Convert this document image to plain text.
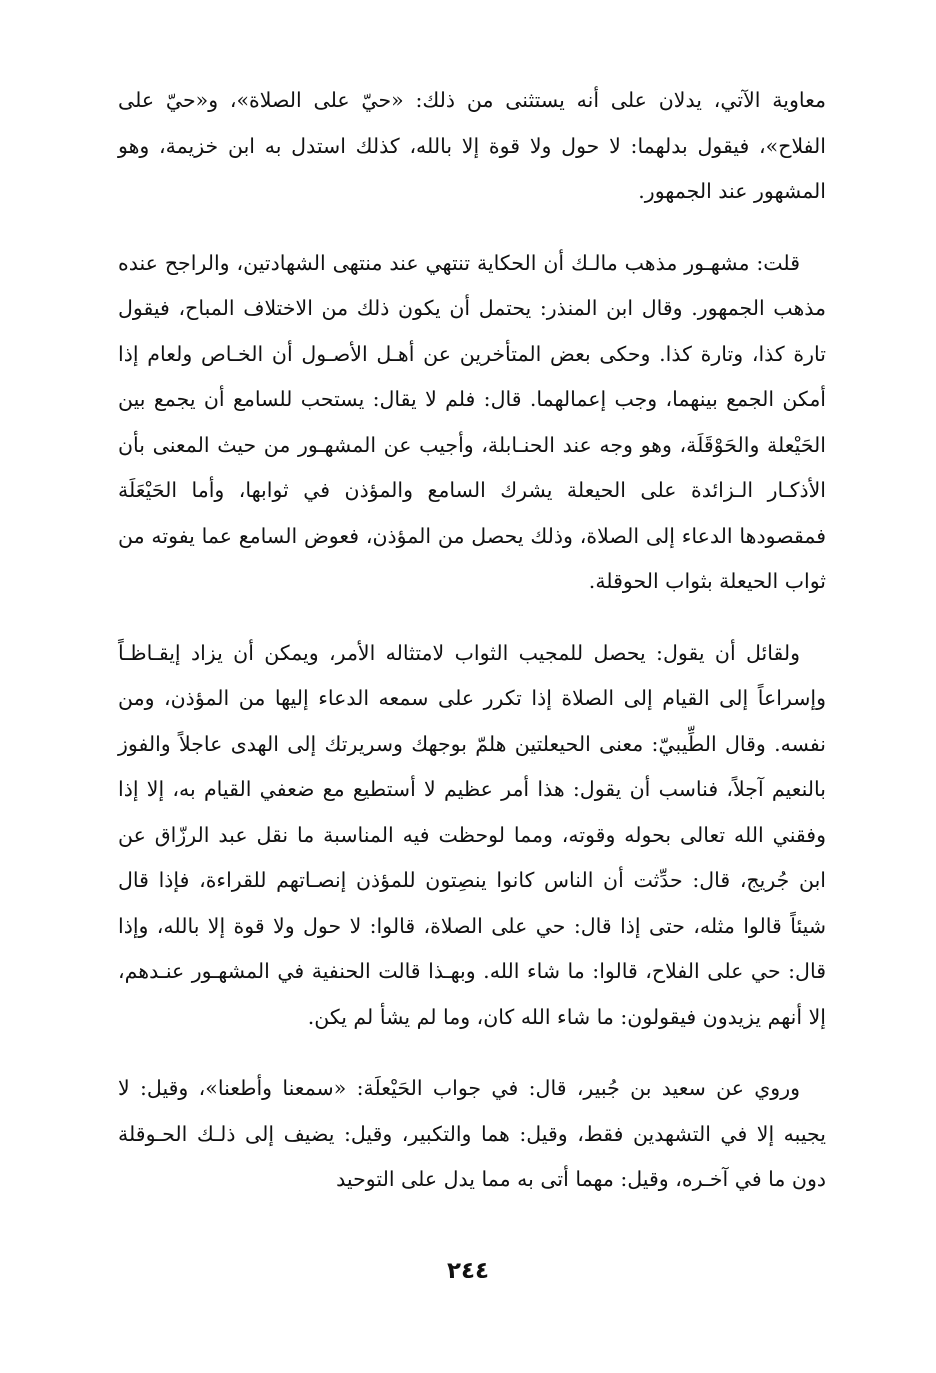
معاوية الآتي، يدلان على أنه يستثنى من ذلك: «حيّ على الصلاة»، و«حيّ على الفلاح»، فيقول بدلهما: لا حول ولا قوة إلا بالله، كذلك استدل به ابن خزيمة، وهو المشهور عند الجمهور.

قلت: مشهـور مذهب مالـك أن الحكاية تنتهي عند منتهى الشهادتين، والراجح عنده مذهب الجمهور. وقال ابن المنذر: يحتمل أن يكون ذلك من الاختلاف المباح، فيقول تارة كذا، وتارة كذا. وحكى بعض المتأخرين عن أهـل الأصـول أن الخـاص ولعام إذا أمكن الجمع بينهما، وجب إعمالهما. قال: فلم لا يقال: يستحب للسامع أن يجمع بين الحَيْعلة والحَوْقَلَة، وهو وجه عند الحنـابلة، وأجيب عن المشهـور من حيث المعنى بأن الأذكـار الـزائدة على الحيعلة يشرك السامع والمؤذن في ثوابها، وأما الحَيْعَلَة فمقصودها الدعاء إلى الصلاة، وذلك يحصل من المؤذن، فعوض السامع عما يفوته من ثواب الحيعلة بثواب الحوقلة.

ولقائل أن يقول: يحصل للمجيب الثواب لامتثاله الأمر، ويمكن أن يزاد إيقـاظـاً وإسراعاً إلى القيام إلى الصلاة إذا تكرر على سمعه الدعاء إليها من المؤذن، ومن نفسه. وقال الطِّيبيّ: معنى الحيعلتين هلمّ بوجهك وسريرتك إلى الهدى عاجلاً والفوز بالنعيم آجلاً، فناسب أن يقول: هذا أمر عظيم لا أستطيع مع ضعفي القيام به، إلا إذا وفقني الله تعالى بحوله وقوته، ومما لوحظت فيه المناسبة ما نقل عبد الرزّاق عن ابن جُريج، قال: حدِّثت أن الناس كانوا ينصِتون للمؤذن إنصـاتهم للقراءة، فإذا قال شيئاً قالوا مثله، حتى إذا قال: حي على الصلاة، قالوا: لا حول ولا قوة إلا بالله، وإذا قال: حي على الفلاح، قالوا: ما شاء الله. وبهـذا قالت الحنفية في المشهـور عنـدهم، إلا أنهم يزيدون فيقولون: ما شاء الله كان، وما لم يشأ لم يكن.

وروي عن سعيد بن جُبير، قال: في جواب الحَيْعلَة: «سمعنا وأطعنا»، وقيل: لا يجيبه إلا في التشهدين فقط، وقيل: هما والتكبير، وقيل: يضيف إلى ذلـك الحـوقلة دون ما في آخـره، وقيل: مهما أتى به مما يدل على التوحيد

٢٤٤
